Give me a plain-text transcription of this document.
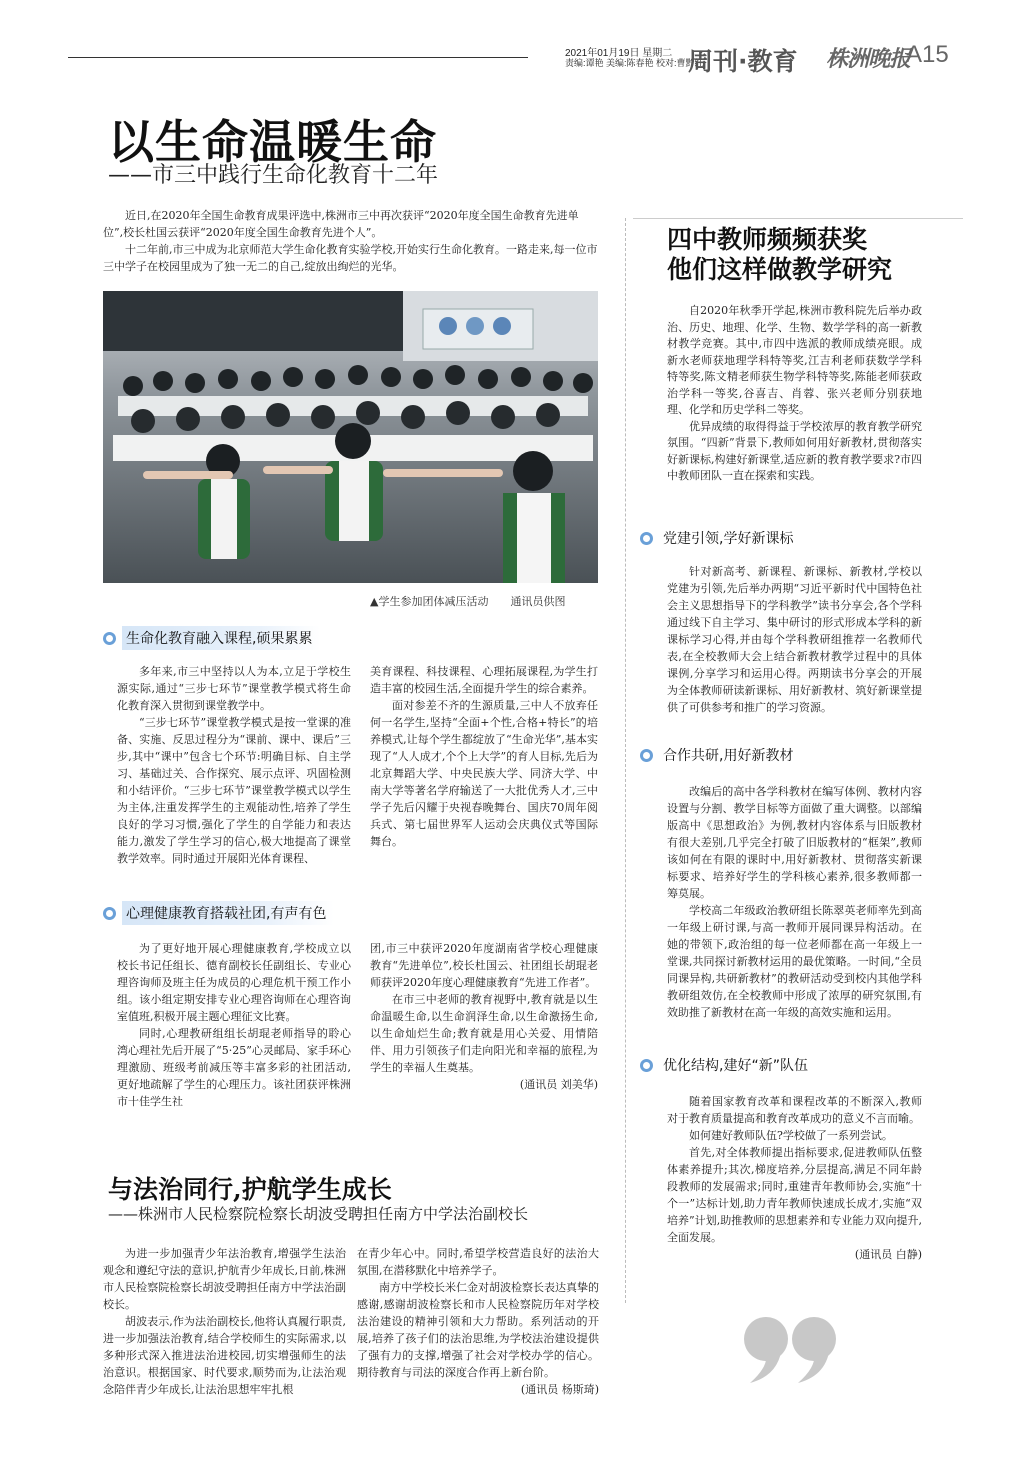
2021年01月19日 星期二
责编:谭艳 美编:陈春艳 校对:曹黔红
周刊·教育 株洲晚报
A15
以生命温暖生命
——市三中践行生命化教育十二年

近日,在2020年全国生命教育成果评选中,株洲市三中再次获评“2020年度全国生命教育先进单位”,校长杜国云获评“2020年度全国生命教育先进个人”。

十二年前,市三中成为北京师范大学生命化教育实验学校,开始实行生命化教育。一路走来,每一位市三中学子在校园里成为了独一无二的自己,绽放出绚烂的光华。

▲学生参加团体减压活动　　通讯员供图
生命化教育融入课程,硕果累累

多年来,市三中坚持以人为本,立足于学校生源实际,通过“三步七环节”课堂教学模式将生命化教育深入贯彻到课堂教学中。

“三步七环节”课堂教学模式是按一堂课的准备、实施、反思过程分为“课前、课中、课后”三步,其中“课中”包含七个环节:明确目标、自主学习、基础过关、合作探究、展示点评、巩固检测和小结评价。“三步七环节”课堂教学模式以学生为主体,注重发挥学生的主观能动性,培养了学生良好的学习习惯,强化了学生的自学能力和表达能力,激发了学生学习的信心,极大地提高了课堂教学效率。同时通过开展阳光体育课程、

美育课程、科技课程、心理拓展课程,为学生打造丰富的校园生活,全面提升学生的综合素养。

面对参差不齐的生源质量,三中人不放弃任何一名学生,坚持“全面+个性,合格+特长”的培养模式,让每个学生都绽放了“生命光华”,基本实现了“人人成才,个个上大学”的育人目标,先后为北京舞蹈大学、中央民族大学、同济大学、中南大学等著名学府输送了一大批优秀人才,三中学子先后闪耀于央视春晚舞台、国庆70周年阅兵式、第七届世界军人运动会庆典仪式等国际舞台。

心理健康教育搭载社团,有声有色

为了更好地开展心理健康教育,学校成立以校长书记任组长、德育副校长任副组长、专业心理咨询师及班主任为成员的心理危机干预工作小组。该小组定期安排专业心理咨询师在心理咨询室值班,积极开展主题心理征文比赛。

同时,心理教研组组长胡琨老师指导的聆心湾心理社先后开展了“5·25”心灵邮局、家手环心理激励、班级考前减压等丰富多彩的社团活动,更好地疏解了学生的心理压力。该社团获评株洲市十佳学生社

团,市三中获评2020年度湖南省学校心理健康教育“先进单位”,校长杜国云、社团组长胡琨老师获评2020年度心理健康教育“先进工作者”。

在市三中老师的教育视野中,教育就是以生命温暖生命,以生命润泽生命,以生命激扬生命,以生命灿烂生命;教育就是用心关爱、用情陪伴、用力引领孩子们走向阳光和幸福的旅程,为学生的幸福人生奠基。

(通讯员 刘美华)

四中教师频频获奖
他们这样做教学研究

自2020年秋季开学起,株洲市教科院先后举办政治、历史、地理、化学、生物、数学学科的高一新教材教学竞赛。其中,市四中选派的教师成绩亮眼。成新水老师获地理学科特等奖,江吉利老师获数学学科特等奖,陈文精老师获生物学科特等奖,陈能老师获政治学科一等奖,谷喜吉、肖蓉、张兴老师分别获地理、化学和历史学科二等奖。

优异成绩的取得得益于学校浓厚的教育教学研究氛围。“四新”背景下,教师如何用好新教材,贯彻落实好新课标,构建好新课堂,适应新的教育教学要求?市四中教师团队一直在探索和实践。

党建引领,学好新课标

针对新高考、新课程、新课标、新教材,学校以党建为引领,先后举办两期“习近平新时代中国特色社会主义思想指导下的学科教学”读书分享会,各个学科通过线下自主学习、集中研讨的形式形成本学科的新课标学习心得,并由每个学科教研组推荐一名教师代表,在全校教师大会上结合新教材教学过程中的具体课例,分享学习和运用心得。两期读书分享会的开展为全体教师研读新课标、用好新教材、筑好新课堂提供了可供参考和推广的学习资源。

合作共研,用好新教材

改编后的高中各学科教材在编写体例、教材内容设置与分割、教学目标等方面做了重大调整。以部编版高中《思想政治》为例,教材内容体系与旧版教材有很大差别,几乎完全打破了旧版教材的“框架”,教师该如何在有限的课时中,用好新教材、贯彻落实新课标要求、培养好学生的学科核心素养,很多教师都一筹莫展。

学校高二年级政治教研组长陈翠英老师率先到高一年级上研讨课,与高一教师开展同课异构活动。在她的带领下,政治组的每一位老师都在高一年级上一堂课,共同探讨新教材运用的最优策略。一时间,“全员同课异构,共研新教材”的教研活动受到校内其他学科教研组效仿,在全校教师中形成了浓厚的研究氛围,有效助推了新教材在高一年级的高效实施和运用。

优化结构,建好“新”队伍

随着国家教育改革和课程改革的不断深入,教师对于教育质量提高和教育改革成功的意义不言而喻。

如何建好教师队伍?学校做了一系列尝试。

首先,对全体教师提出指标要求,促进教师队伍整体素养提升;其次,梯度培养,分层提高,满足不同年龄段教师的发展需求;同时,重建青年教师协会,实施“十个一”达标计划,助力青年教师快速成长成才,实施“双培养”计划,助推教师的思想素养和专业能力双向提升,全面发展。

(通讯员 白静)

与法治同行,护航学生成长
——株洲市人民检察院检察长胡波受聘担任南方中学法治副校长

为进一步加强青少年法治教育,增强学生法治观念和遵纪守法的意识,护航青少年成长,日前,株洲市人民检察院检察长胡波受聘担任南方中学法治副校长。

胡波表示,作为法治副校长,他将认真履行职责,进一步加强法治教育,结合学校师生的实际需求,以多种形式深入推进法治进校园,切实增强师生的法治意识。根据国家、时代要求,顺势而为,让法治观念陪伴青少年成长,让法治思想牢牢扎根

在青少年心中。同时,希望学校营造良好的法治大氛围,在潜移默化中培养学子。

南方中学校长米仁金对胡波检察长表达真挚的感谢,感谢胡波检察长和市人民检察院历年对学校法治建设的精神引领和大力帮助。系列活动的开展,培养了孩子们的法治思维,为学校法治建设提供了强有力的支撑,增强了社会对学校办学的信心。期待教育与司法的深度合作再上新台阶。

(通讯员 杨斯琦)
